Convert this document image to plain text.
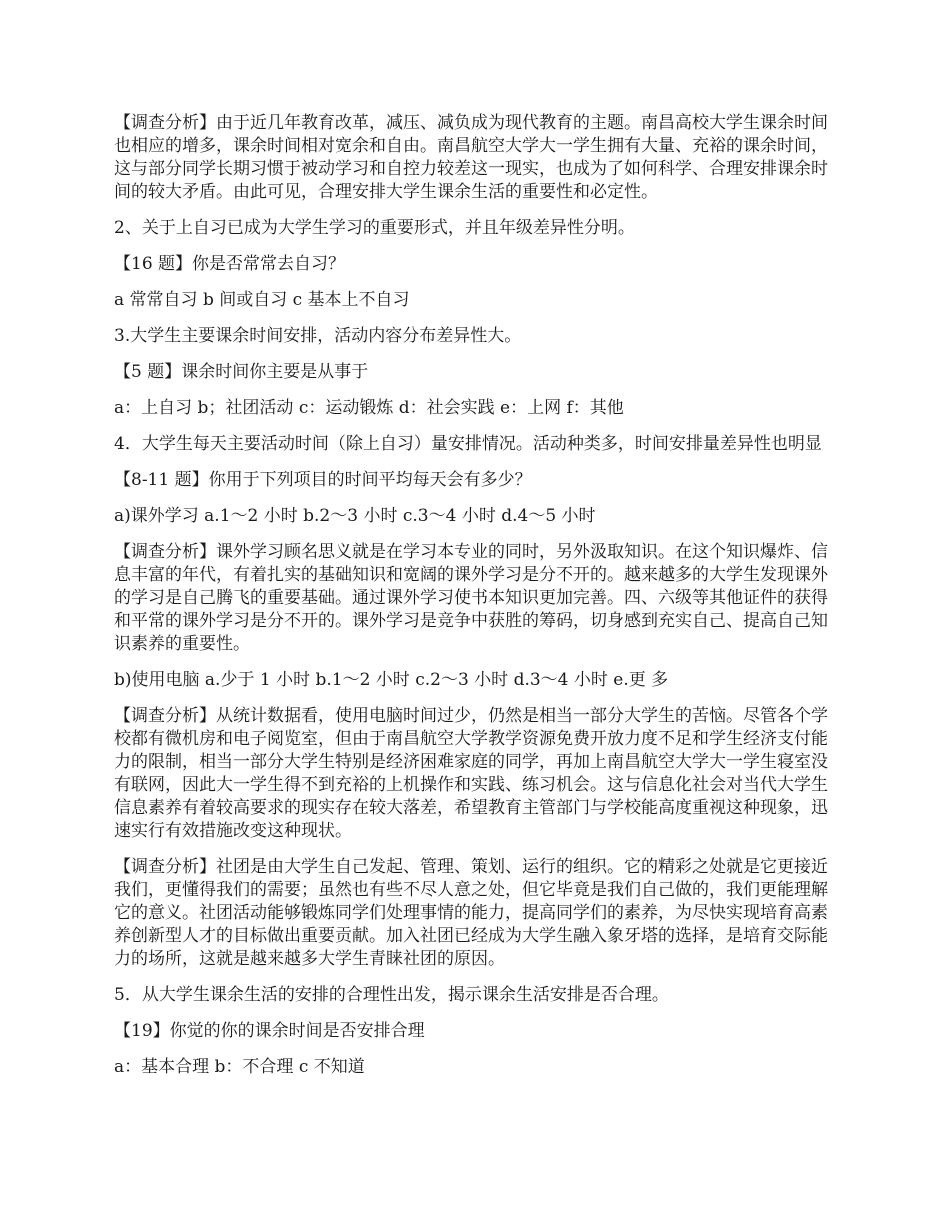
【调查分析】由于近几年教育改革，减压、减负成为现代教育的主题。南昌高校大学生课余时间也相应的增多，课余时间相对宽余和自由。南昌航空大学大一学生拥有大量、充裕的课余时间，这与部分同学长期习惯于被动学习和自控力较差这一现实，也成为了如何科学、合理安排课余时间的较大矛盾。由此可见，合理安排大学生课余生活的重要性和必定性。

2、关于上自习已成为大学生学习的重要形式，并且年级差异性分明。

【16 题】你是否常常去自习？

a 常常自习 b 间或自习 c 基本上不自习

3.大学生主要课余时间安排，活动内容分布差异性大。

【5 题】课余时间你主要是从事于

a：上自习 b；社团活动 c：运动锻炼 d：社会实践 e：上网 f：其他

4．大学生每天主要活动时间（除上自习）量安排情况。活动种类多，时间安排量差异性也明显

【8-11 题】你用于下列项目的时间平均每天会有多少？

a)课外学习 a.1～2 小时 b.2～3 小时 c.3～4 小时 d.4～5 小时

【调查分析】课外学习顾名思义就是在学习本专业的同时，另外汲取知识。在这个知识爆炸、信息丰富的年代，有着扎实的基础知识和宽阔的课外学习是分不开的。越来越多的大学生发现课外的学习是自己腾飞的重要基础。通过课外学习使书本知识更加完善。四、六级等其他证件的获得和平常的课外学习是分不开的。课外学习是竞争中获胜的筹码，切身感到充实自己、提高自己知识素养的重要性。

b)使用电脑 a.少于 1 小时 b.1～2 小时 c.2～3 小时 d.3～4 小时 e.更 多

【调查分析】从统计数据看，使用电脑时间过少，仍然是相当一部分大学生的苦恼。尽管各个学校都有微机房和电子阅览室，但由于南昌航空大学教学资源免费开放力度不足和学生经济支付能力的限制，相当一部分大学生特别是经济困难家庭的同学，再加上南昌航空大学大一学生寝室没有联网，因此大一学生得不到充裕的上机操作和实践、练习机会。这与信息化社会对当代大学生信息素养有着较高要求的现实存在较大落差，希望教育主管部门与学校能高度重视这种现象，迅速实行有效措施改变这种现状。

【调查分析】社团是由大学生自己发起、管理、策划、运行的组织。它的精彩之处就是它更接近我们，更懂得我们的需要；虽然也有些不尽人意之处，但它毕竟是我们自己做的，我们更能理解它的意义。社团活动能够锻炼同学们处理事情的能力，提高同学们的素养，为尽快实现培育高素养创新型人才的目标做出重要贡献。加入社团已经成为大学生融入象牙塔的选择，是培育交际能力的场所，这就是越来越多大学生青睐社团的原因。

5．从大学生课余生活的安排的合理性出发，揭示课余生活安排是否合理。

【19】你觉的你的课余时间是否安排合理

a：基本合理 b：不合理 c 不知道
